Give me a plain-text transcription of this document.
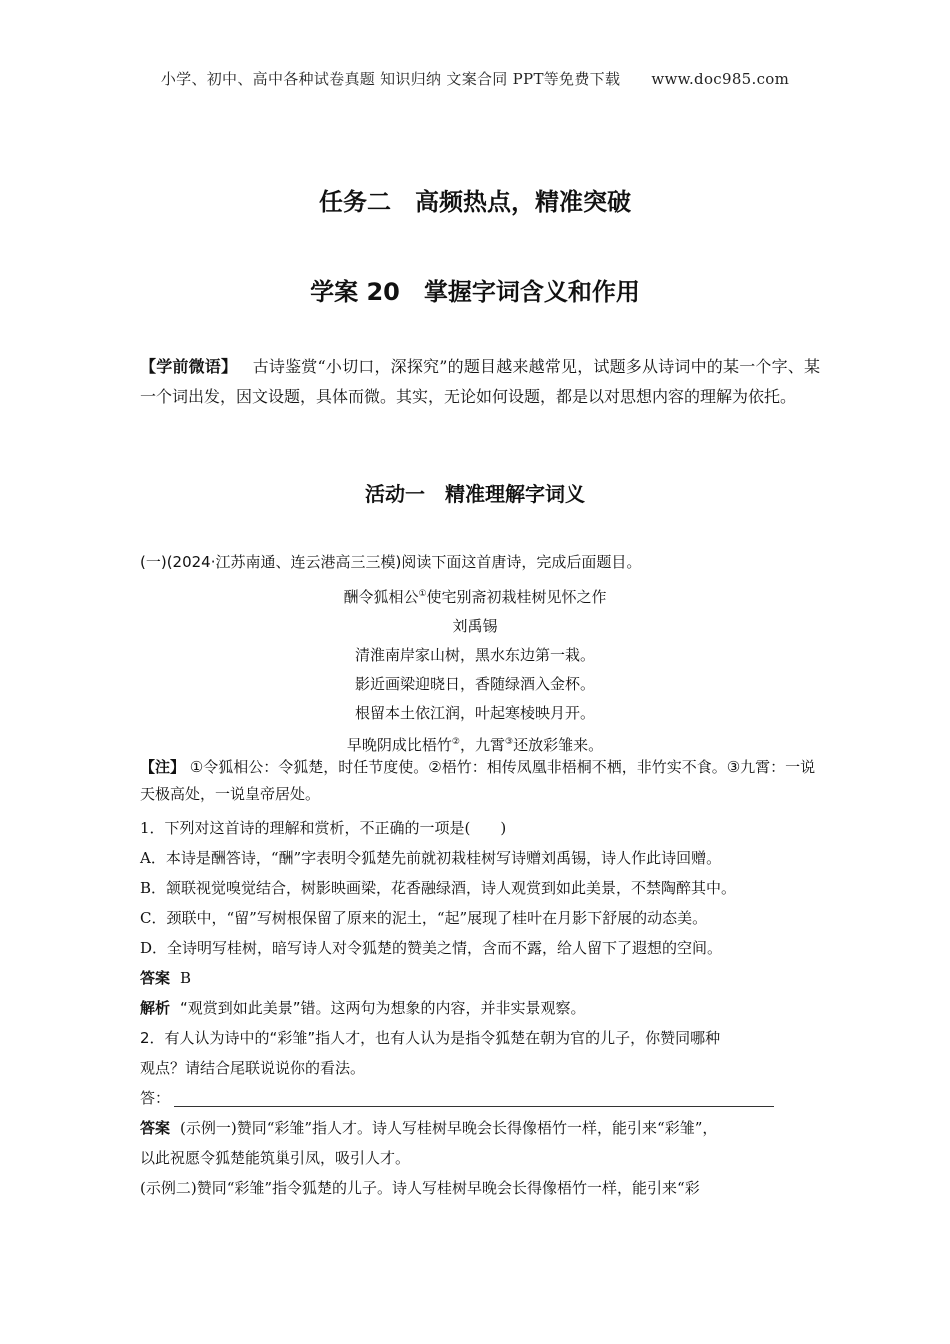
小学、初中、高中各种试卷真题 知识归纳 文案合同 PPT等免费下载 www.doc985.com
任务二　高频热点，精准突破
学案 20　掌握字词含义和作用
【学前微语】 古诗鉴赏“小切口，深探究”的题目越来越常见，试题多从诗词中的某一个字、某一个词出发，因文设题，具体而微。其实，无论如何设题，都是以对思想内容的理解为依托。
活动一　精准理解字词义
(一)(2024·江苏南通、连云港高三三模)阅读下面这首唐诗，完成后面题目。
酬令狐相公①使宅别斋初栽桂树见怀之作
刘禹锡
清淮南岸家山树，黑水东边第一栽。
影近画梁迎晓日，香随绿酒入金杯。
根留本土依江润，叶起寒棱映月开。
早晚阴成比梧竹②，九霄③还放彩雏来。
【注】 ①令狐相公：令狐楚，时任节度使。②梧竹：相传凤凰非梧桐不栖，非竹实不食。③九霄：一说天极高处，一说皇帝居处。

1．下列对这首诗的理解和赏析，不正确的一项是(　　)

A．本诗是酬答诗，“酬”字表明令狐楚先前就初栽桂树写诗赠刘禹锡，诗人作此诗回赠。

B．颔联视觉嗅觉结合，树影映画梁，花香融绿酒，诗人观赏到如此美景，不禁陶醉其中。

C．颈联中，“留”写树根保留了原来的泥土，“起”展现了桂叶在月影下舒展的动态美。

D．全诗明写桂树，暗写诗人对令狐楚的赞美之情，含而不露，给人留下了遐想的空间。

答案 B

解析 “观赏到如此美景”错。这两句为想象的内容，并非实景观察。

2．有人认为诗中的“彩雏”指人才，也有人认为是指令狐楚在朝为官的儿子，你赞同哪种

观点？请结合尾联说说你的看法。

答：

答案 (示例一)赞同“彩雏”指人才。诗人写桂树早晚会长得像梧竹一样，能引来“彩雏”，

以此祝愿令狐楚能筑巢引凤，吸引人才。

(示例二)赞同“彩雏”指令狐楚的儿子。诗人写桂树早晚会长得像梧竹一样，能引来“彩
